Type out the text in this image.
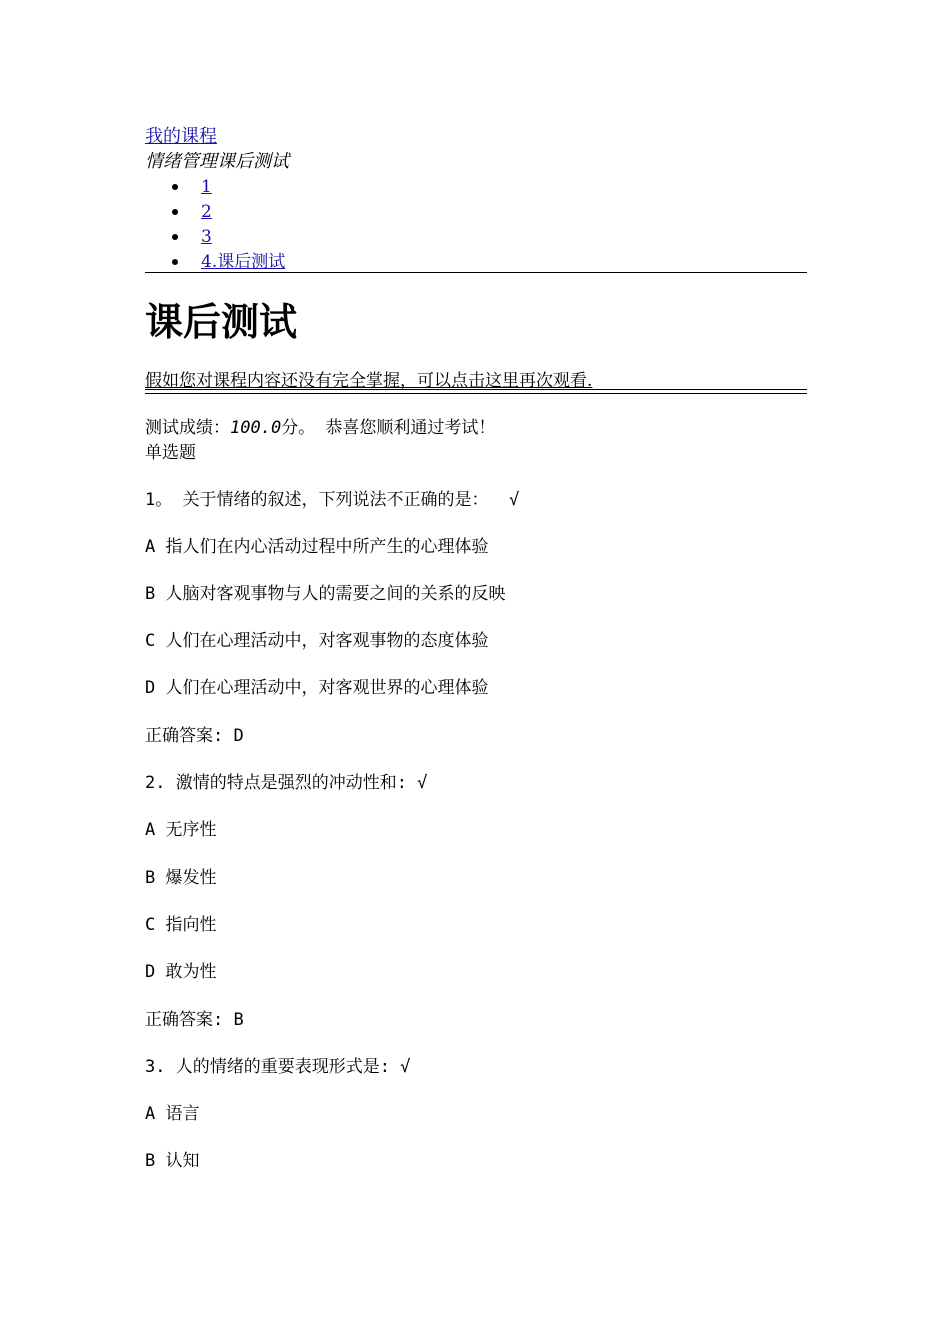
我的课程
情绪管理课后测试
1
2
3
4.课后测试
课后测试
假如您对课程内容还没有完全掌握，可以点击这里再次观看.
测试成绩：100.0分。 恭喜您顺利通过考试！
单选题
1。 关于情绪的叙述，下列说法不正确的是：  √
A 指人们在内心活动过程中所产生的心理体验
B 人脑对客观事物与人的需要之间的关系的反映
C 人们在心理活动中，对客观事物的态度体验
D 人们在心理活动中，对客观世界的心理体验
正确答案: D
2. 激情的特点是强烈的冲动性和: √
A 无序性
B 爆发性
C 指向性
D 敢为性
正确答案: B
3. 人的情绪的重要表现形式是: √
A 语言
B 认知
